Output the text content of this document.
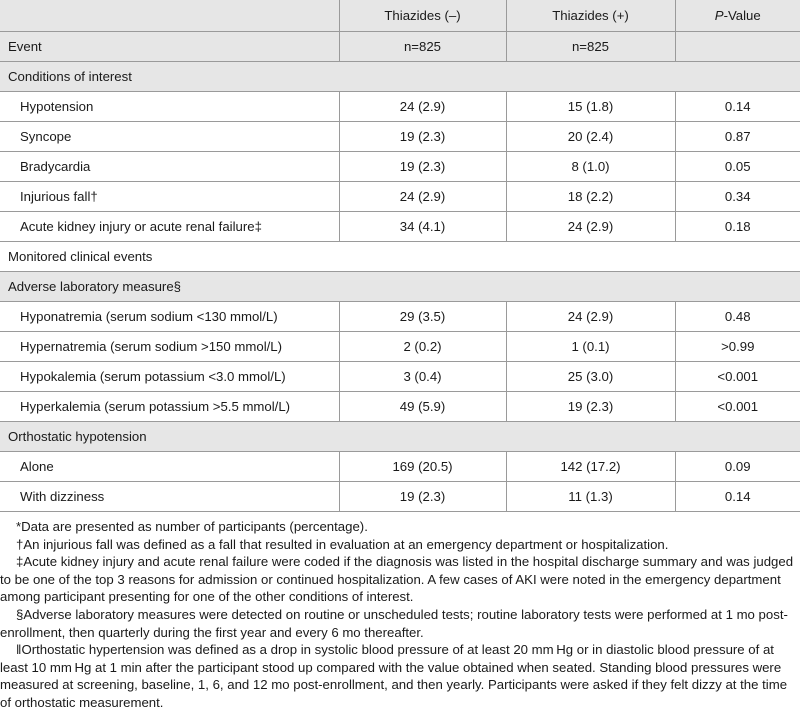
	Thiazides (–)	Thiazides (+)	P-Value
Event	n=825	n=825	
Conditions of interest			
Hypotension	24 (2.9)	15 (1.8)	0.14
Syncope	19 (2.3)	20 (2.4)	0.87
Bradycardia	19 (2.3)	8 (1.0)	0.05
Injurious fall†	24 (2.9)	18 (2.2)	0.34
Acute kidney injury or acute renal failure‡	34 (4.1)	24 (2.9)	0.18
Monitored clinical events			
Adverse laboratory measure§			
Hyponatremia (serum sodium <130 mmol/L)	29 (3.5)	24 (2.9)	0.48
Hypernatremia (serum sodium >150 mmol/L)	2 (0.2)	1 (0.1)	>0.99
Hypokalemia (serum potassium <3.0 mmol/L)	3 (0.4)	25 (3.0)	<0.001
Hyperkalemia (serum potassium >5.5 mmol/L)	49 (5.9)	19 (2.3)	<0.001
Orthostatic hypotension			
Alone	169 (20.5)	142 (17.2)	0.09
With dizziness	19 (2.3)	11 (1.3)	0.14

*Data are presented as number of participants (percentage).

†An injurious fall was defined as a fall that resulted in evaluation at an emergency department or hospitalization.

‡Acute kidney injury and acute renal failure were coded if the diagnosis was listed in the hospital discharge summary and was judged to be one of the top 3 reasons for admission or continued hospitalization. A few cases of AKI were noted in the emergency department among participant presenting for one of the other conditions of interest.

§Adverse laboratory measures were detected on routine or unscheduled tests; routine laboratory tests were performed at 1 mo post-enrollment, then quarterly during the first year and every 6 mo thereafter.

‖Orthostatic hypertension was defined as a drop in systolic blood pressure of at least 20 mm Hg or in diastolic blood pressure of at least 10 mm Hg at 1 min after the participant stood up compared with the value obtained when seated. Standing blood pressures were measured at screening, baseline, 1, 6, and 12 mo post-enrollment, and then yearly. Participants were asked if they felt dizzy at the time of orthostatic measurement.
